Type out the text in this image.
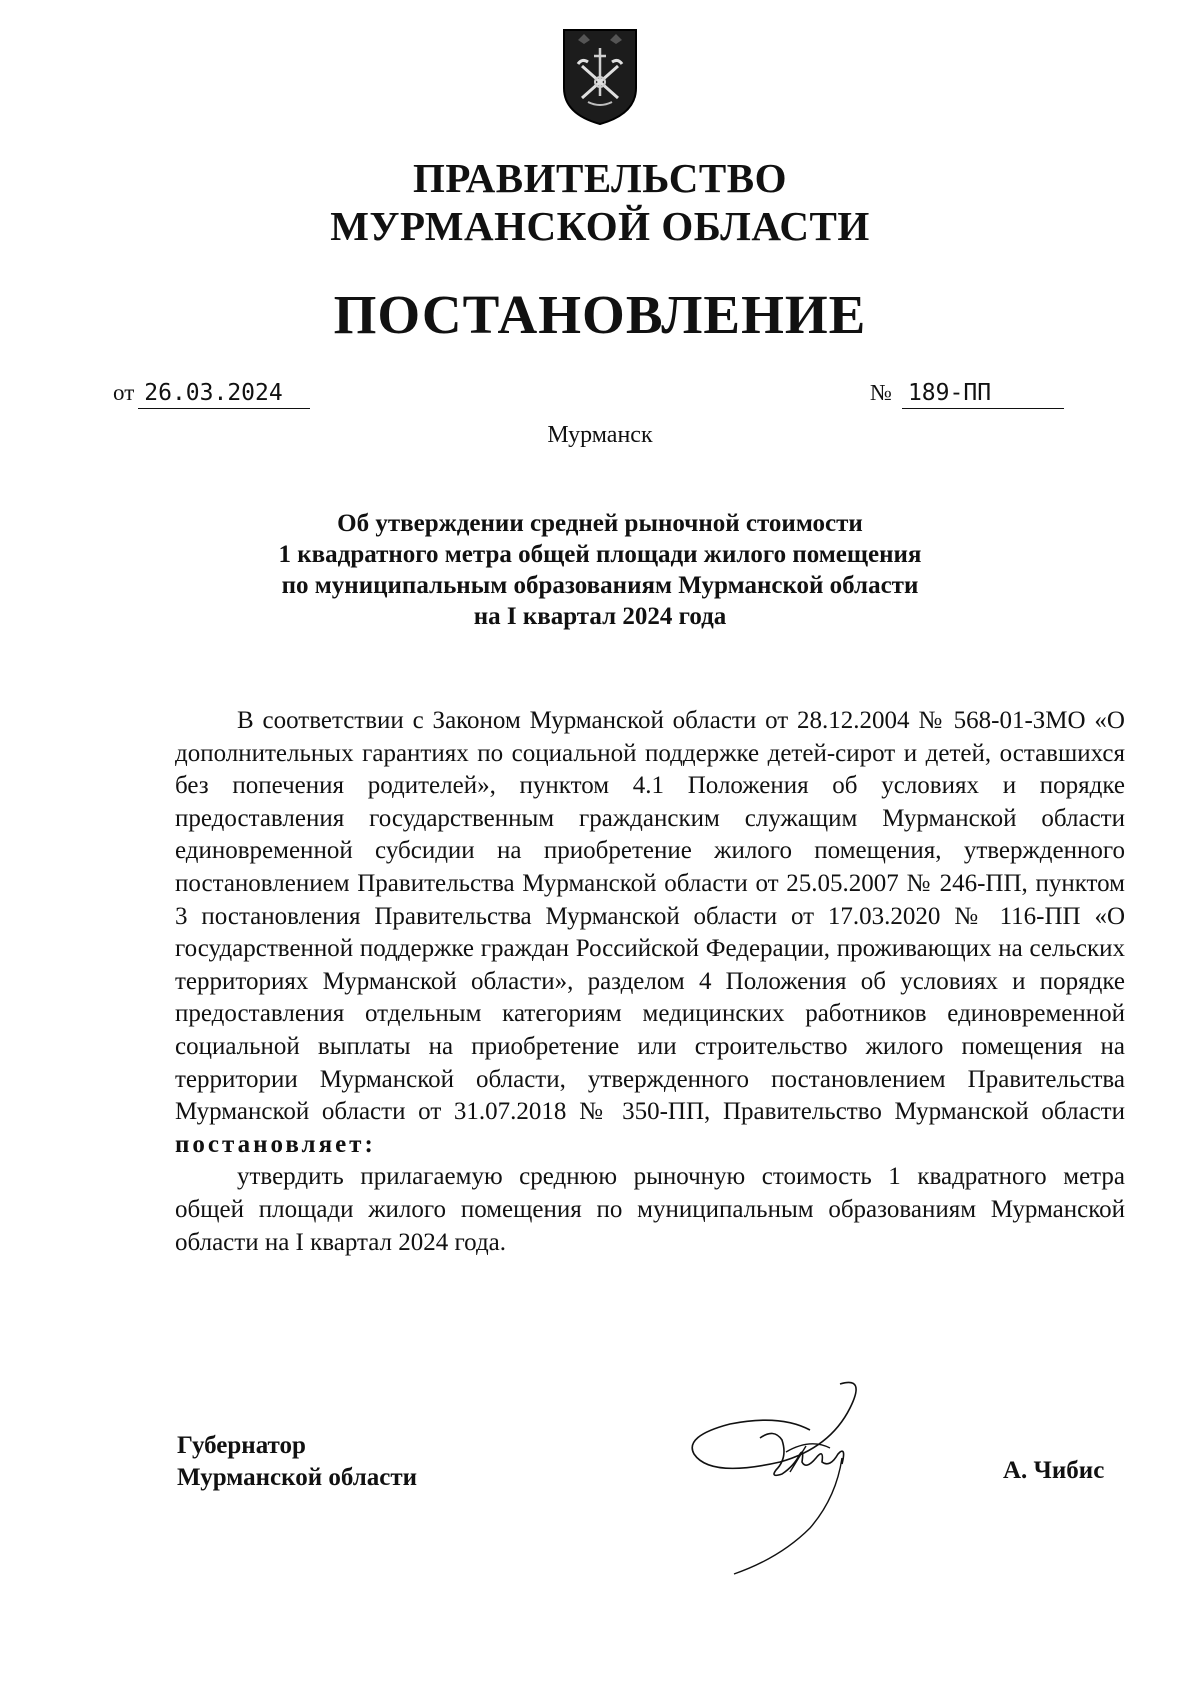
ПРАВИТЕЛЬСТВО
МУРМАНСКОЙ ОБЛАСТИ
ПОСТАНОВЛЕНИЕ
от 26.03.2024	№ 189-ПП
Мурманск
Об утверждении средней рыночной стоимости
1 квадратного метра общей площади жилого помещения
по муниципальным образованиям Мурманской области
на I квартал 2024 года

В соответствии с Законом Мурманской области от 28.12.2004 № 568-01-ЗМО «О дополнительных гарантиях по социальной поддержке детей-сирот и детей, оставшихся без попечения родителей», пунктом 4.1 Положения об условиях и порядке предоставления государственным гражданским служащим Мурманской области единовременной субсидии на приобретение жилого помещения, утвержденного постановлением Правительства Мурманской области от 25.05.2007 № 246-ПП, пунктом 3 постановления Правительства Мурманской области от 17.03.2020 № 116-ПП «О государственной поддержке граждан Российской Федерации, проживающих на сельских территориях Мурманской области», разделом 4 Положения об условиях и порядке предоставления отдельным категориям медицинских работников единовременной социальной выплаты на приобретение или строительство жилого помещения на территории Мурманской области, утвержденного постановлением Правительства Мурманской области от 31.07.2018 № 350-ПП, Правительство Мурманской области постановляет:

утвердить прилагаемую среднюю рыночную стоимость 1 квадратного метра общей площади жилого помещения по муниципальным образованиям Мурманской области на I квартал 2024 года.

Губернатор
Мурманской области	А. Чибис
